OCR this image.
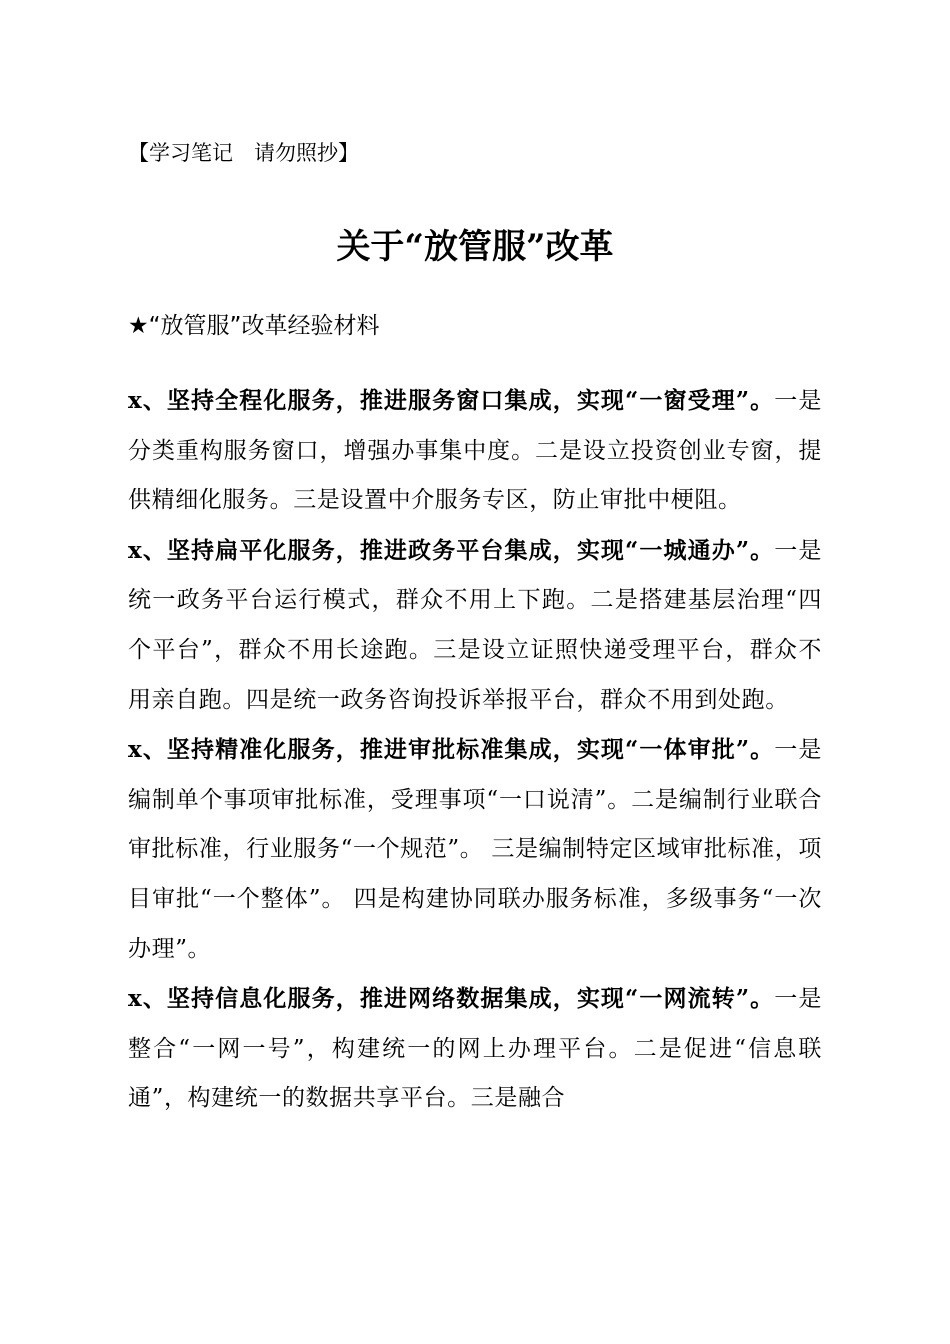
【学习笔记　请勿照抄】
关于“放管服”改革
★“放管服”改革经验材料

x、坚持全程化服务，推进服务窗口集成，实现“一窗受理”。一是分类重构服务窗口，增强办事集中度。二是设立投资创业专窗，提供精细化服务。三是设置中介服务专区，防止审批中梗阻。

x、坚持扁平化服务，推进政务平台集成，实现“一城通办”。一是统一政务平台运行模式，群众不用上下跑。二是搭建基层治理“四个平台”，群众不用长途跑。三是设立证照快递受理平台，群众不用亲自跑。四是统一政务咨询投诉举报平台，群众不用到处跑。

x、坚持精准化服务，推进审批标准集成，实现“一体审批”。一是编制单个事项审批标准，受理事项“一口说清”。二是编制行业联合审批标准，行业服务“一个规范”。 三是编制特定区域审批标准，项目审批“一个整体”。 四是构建协同联办服务标准，多级事务“一次办理”。

x、坚持信息化服务，推进网络数据集成，实现“一网流转”。一是整合“一网一号”，构建统一的网上办理平台。二是促进“信息联通”，构建统一的数据共享平台。三是融合
